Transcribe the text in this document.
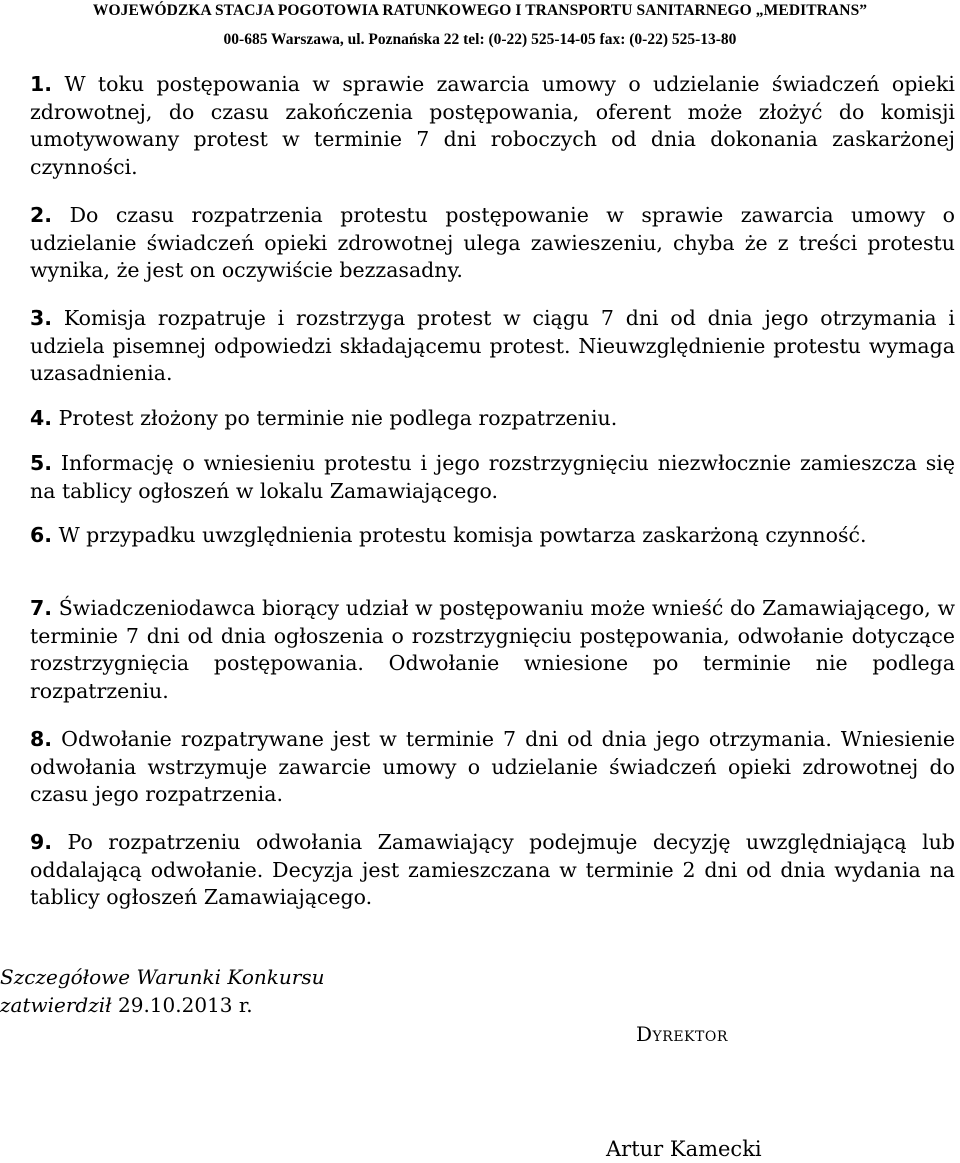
WOJEWÓDZKA STACJA POGOTOWIA RATUNKOWEGO I TRANSPORTU SANITARNEGO „MEDITRANS”
00-685 Warszawa, ul. Poznańska 22 tel: (0-22) 525-14-05 fax: (0-22) 525-13-80

1. W toku postępowania w sprawie zawarcia umowy o udzielanie świadczeń opieki zdrowotnej, do czasu zakończenia postępowania, oferent może złożyć do komisji umotywowany protest w terminie 7 dni roboczych od dnia dokonania zaskarżonej czynności.

2. Do czasu rozpatrzenia protestu postępowanie w sprawie zawarcia umowy o udzielanie świadczeń opieki zdrowotnej ulega zawieszeniu, chyba że z treści protestu wynika, że jest on oczywiście bezzasadny.

3. Komisja rozpatruje i rozstrzyga protest w ciągu 7 dni od dnia jego otrzymania i udziela pisemnej odpowiedzi składającemu protest. Nieuwzględnienie protestu wymaga uzasadnienia.

4. Protest złożony po terminie nie podlega rozpatrzeniu.

5. Informację o wniesieniu protestu i jego rozstrzygnięciu niezwłocznie zamieszcza się na tablicy ogłoszeń w lokalu Zamawiającego.

6. W przypadku uwzględnienia protestu komisja powtarza zaskarżoną czynność.

7. Świadczeniodawca biorący udział w postępowaniu może wnieść do Zamawiającego, w terminie 7 dni od dnia ogłoszenia o rozstrzygnięciu postępowania, odwołanie dotyczące rozstrzygnięcia postępowania. Odwołanie wniesione po terminie nie podlega rozpatrzeniu.

8. Odwołanie rozpatrywane jest w terminie 7 dni od dnia jego otrzymania. Wniesienie odwołania wstrzymuje zawarcie umowy o udzielanie świadczeń opieki zdrowotnej do czasu jego rozpatrzenia.

9. Po rozpatrzeniu odwołania Zamawiający podejmuje decyzję uwzględniającą lub oddalającą odwołanie. Decyzja jest zamieszczana w terminie 2 dni od dnia wydania na tablicy ogłoszeń Zamawiającego.

Szczegółowe Warunki Konkursu
zatwierdził 29.10.2013 r.
Dyrektor
Artur Kamecki
